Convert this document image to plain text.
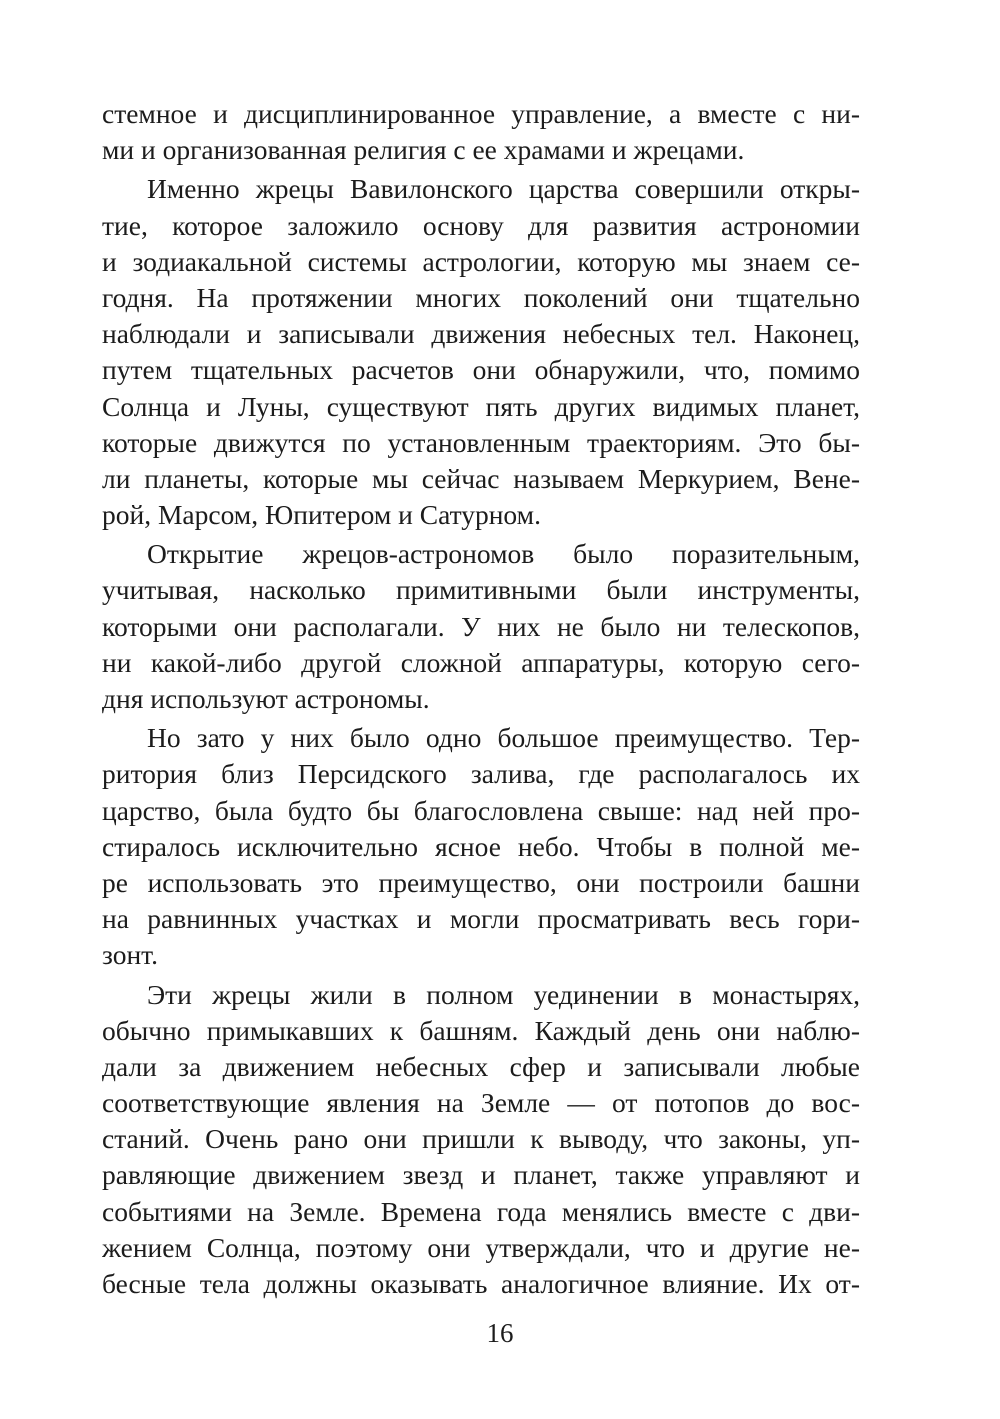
стемное и дисциплинированное управление, а вместе с ни-
ми и организованная религия с ее храмами и жрецами.
Именно жрецы Вавилонского царства совершили откры-
тие, которое заложило основу для развития астрономии
и зодиакальной системы астрологии, которую мы знаем се-
годня. На протяжении многих поколений они тщательно
наблюдали и записывали движения небесных тел. Наконец,
путем тщательных расчетов они обнаружили, что, помимо
Солнца и Луны, существуют пять других видимых планет,
которые движутся по установленным траекториям. Это бы-
ли планеты, которые мы сейчас называем Меркурием, Вене-
рой, Марсом, Юпитером и Сатурном.
Открытие жрецов-астрономов было поразительным,
учитывая, насколько примитивными были инструменты,
которыми они располагали. У них не было ни телескопов,
ни какой-либо другой сложной аппаратуры, которую сего-
дня используют астрономы.
Но зато у них было одно большое преимущество. Тер-
ритория близ Персидского залива, где располагалось их
царство, была будто бы благословлена свыше: над ней про-
стиралось исключительно ясное небо. Чтобы в полной ме-
ре использовать это преимущество, они построили башни
на равнинных участках и могли просматривать весь гори-
зонт.
Эти жрецы жили в полном уединении в монастырях,
обычно примыкавших к башням. Каждый день они наблю-
дали за движением небесных сфер и записывали любые
соответствующие явления на Земле — от потопов до вос-
станий. Очень рано они пришли к выводу, что законы, уп-
равляющие движением звезд и планет, также управляют и
событиями на Земле. Времена года менялись вместе с дви-
жением Солнца, поэтому они утверждали, что и другие не-
бесные тела должны оказывать аналогичное влияние. Их от-
16
